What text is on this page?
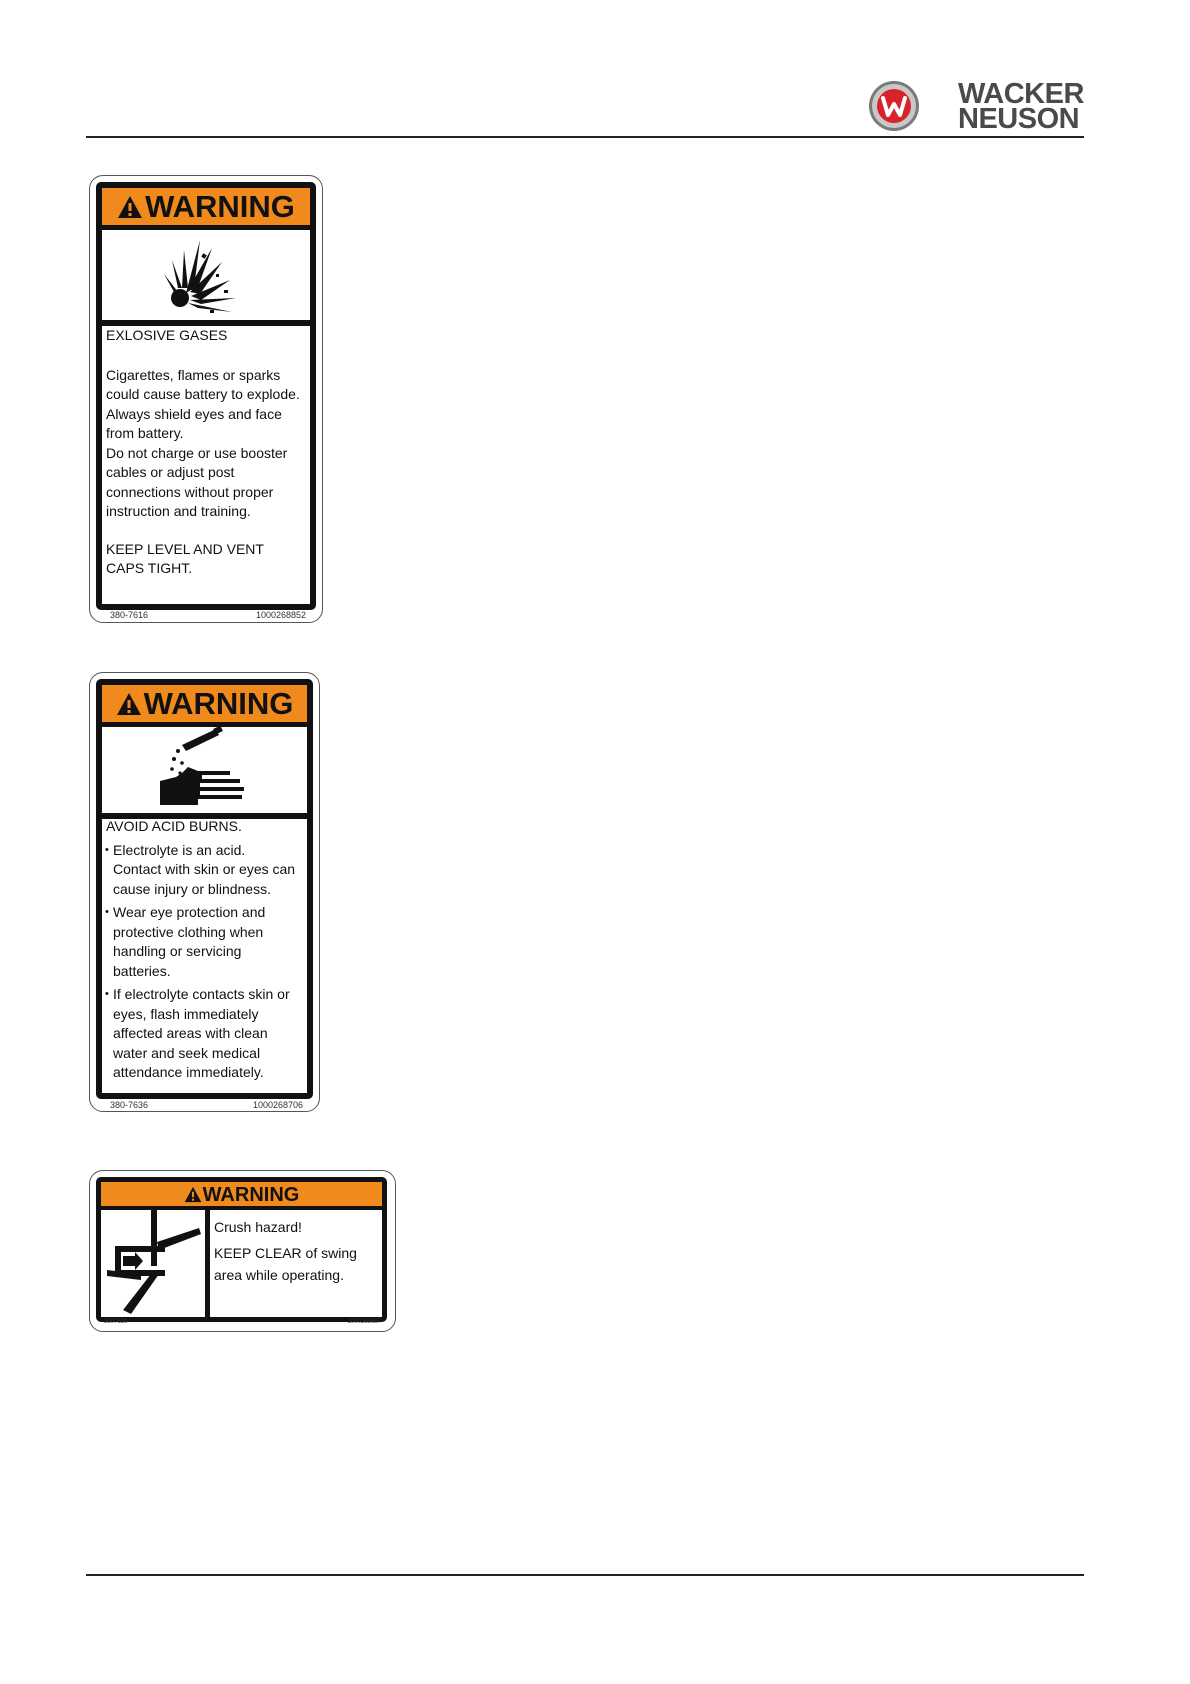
WACKER
NEUSON
WARNING

EXLOSIVE GASES

Cigarettes, flames or sparks

could cause battery to explode.

Always shield eyes and face

from battery.

Do not charge or use booster

cables or adjust post

connections without proper

instruction and training.

KEEP LEVEL AND VENT

CAPS TIGHT.

380-7616	1000268852
WARNING

AVOID ACID BURNS.

• Electrolyte is an acid.

Contact with skin or eyes can

cause injury or blindness.

• Wear eye protection and

protective clothing when

handling or servicing

batteries.

• If electrolyte contacts skin or

eyes, flash immediately

affected areas with clean

water and seek medical

attendance immediately.

380-7636	1000268706
WARNING

Crush hazard!

KEEP CLEAR of swing

area while operating.

3807629	1000268687
